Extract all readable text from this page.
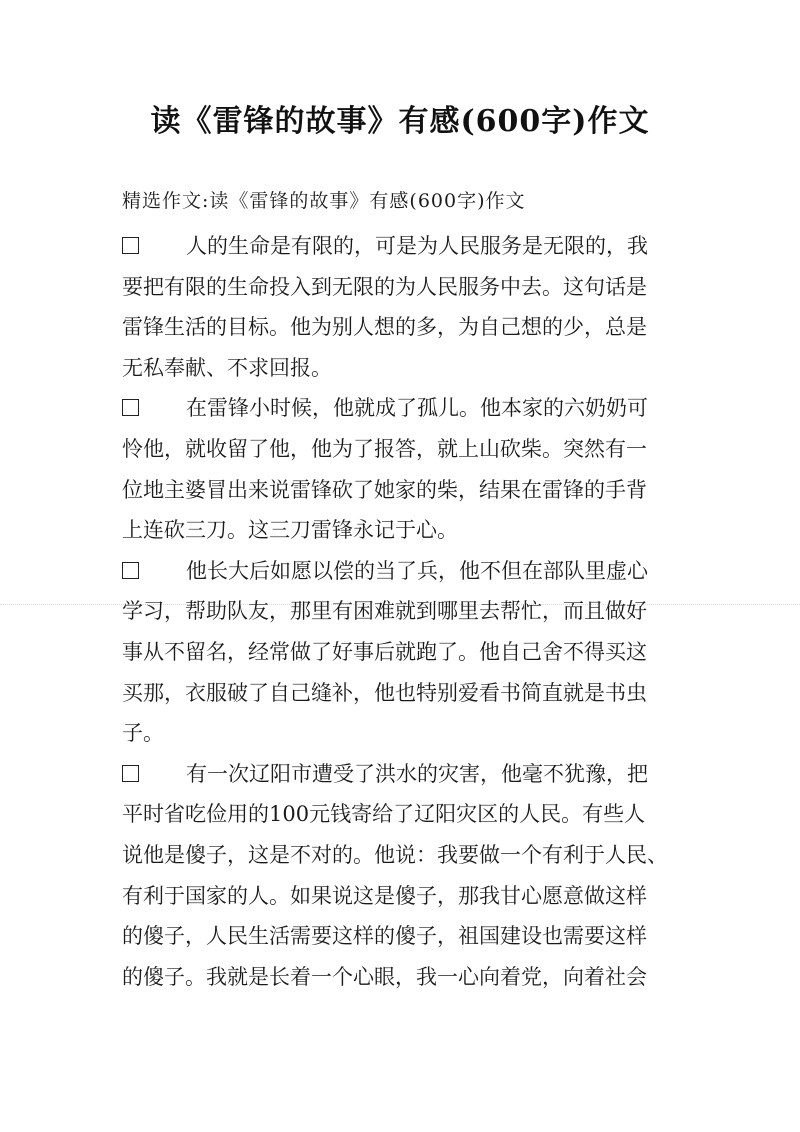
读《雷锋的故事》有感(600字)作文
精选作文:读《雷锋的故事》有感(600字)作文
人的生命是有限的，可是为人民服务是无限的，我
要把有限的生命投入到无限的为人民服务中去。这句话是
雷锋生活的目标。他为别人想的多，为自己想的少，总是
无私奉献、不求回报。
在雷锋小时候，他就成了孤儿。他本家的六奶奶可
怜他，就收留了他，他为了报答，就上山砍柴。突然有一
位地主婆冒出来说雷锋砍了她家的柴，结果在雷锋的手背
上连砍三刀。这三刀雷锋永记于心。
他长大后如愿以偿的当了兵，他不但在部队里虚心
学习，帮助队友，那里有困难就到哪里去帮忙，而且做好
事从不留名，经常做了好事后就跑了。他自己舍不得买这
买那，衣服破了自己缝补，他也特别爱看书简直就是书虫
子。
有一次辽阳市遭受了洪水的灾害，他毫不犹豫，把
平时省吃俭用的100元钱寄给了辽阳灾区的人民。有些人
说他是傻子，这是不对的。他说：我要做一个有利于人民、
有利于国家的人。如果说这是傻子，那我甘心愿意做这样
的傻子，人民生活需要这样的傻子，祖国建设也需要这样
的傻子。我就是长着一个心眼，我一心向着党，向着社会
